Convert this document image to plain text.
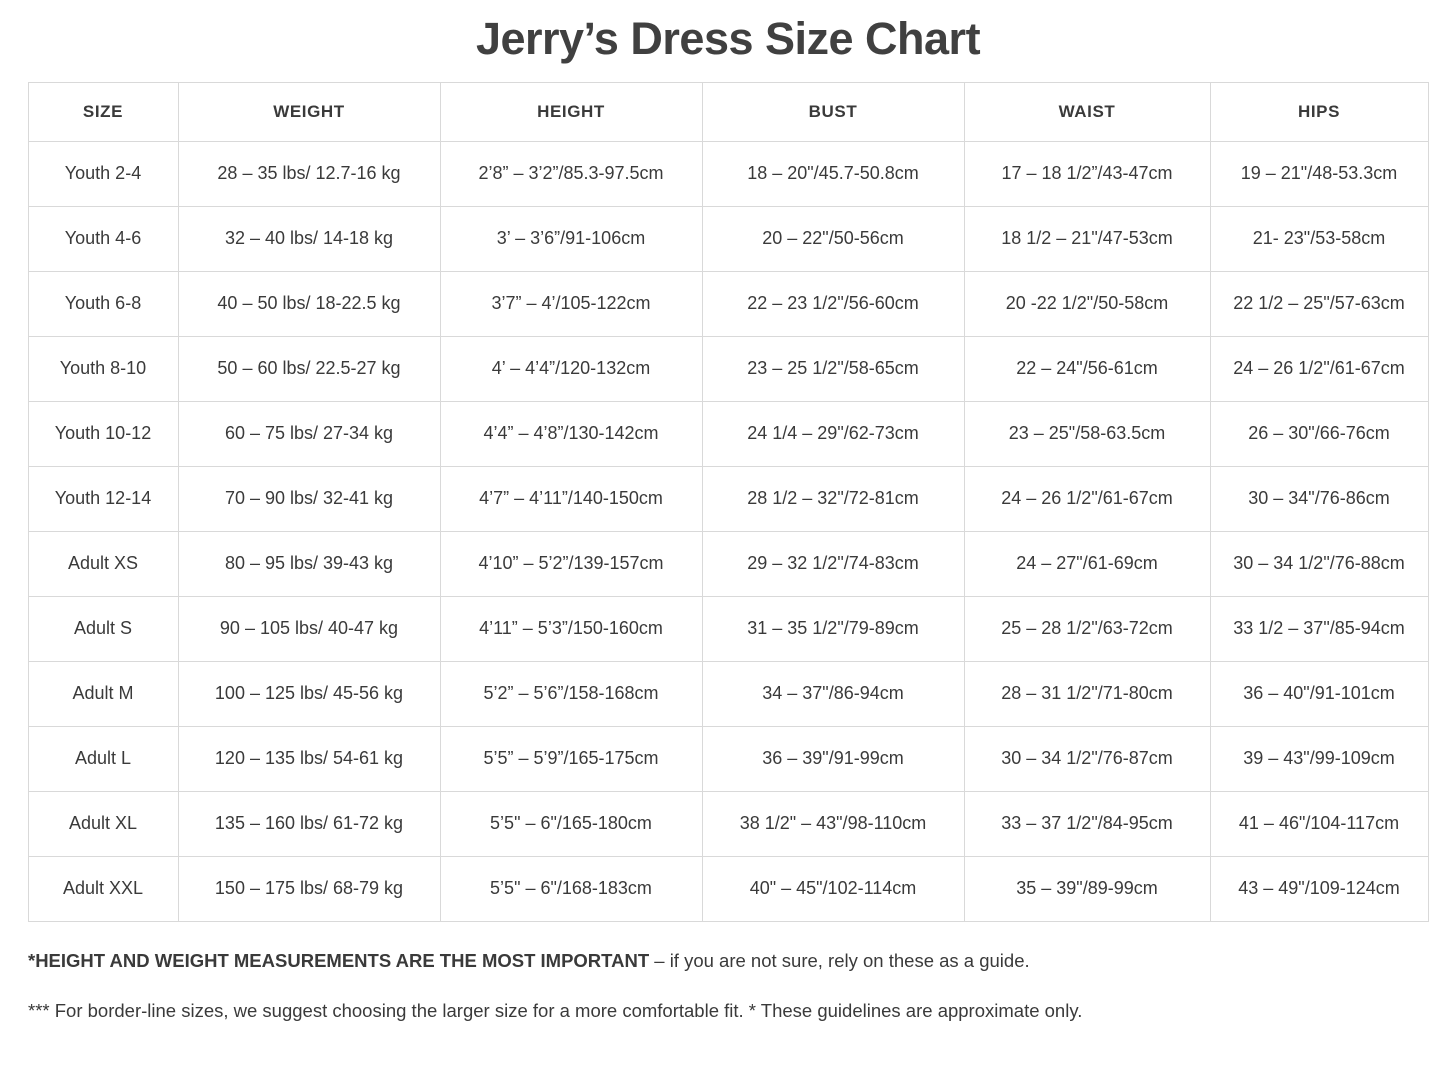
Jerry’s Dress Size Chart
SIZE	WEIGHT	HEIGHT	BUST	WAIST	HIPS
Youth 2-4	28 – 35 lbs/ 12.7-16 kg	2’8” – 3’2”/85.3-97.5cm	18 – 20"/45.7-50.8cm	17 – 18 1/2”/43-47cm	19 – 21"/48-53.3cm
Youth 4-6	32 – 40 lbs/ 14-18 kg	3’ – 3’6”/91-106cm	20 – 22"/50-56cm	18 1/2 – 21"/47-53cm	21- 23"/53-58cm
Youth 6-8	40 – 50 lbs/ 18-22.5 kg	3’7” – 4’/105-122cm	22 – 23 1/2"/56-60cm	20 -22 1/2"/50-58cm	22 1/2 – 25"/57-63cm
Youth 8-10	50 – 60 lbs/ 22.5-27 kg	4’ – 4’4”/120-132cm	23 – 25 1/2"/58-65cm	22 – 24"/56-61cm	24 – 26 1/2"/61-67cm
Youth 10-12	60 – 75 lbs/ 27-34 kg	4’4” – 4’8”/130-142cm	24 1/4 – 29"/62-73cm	23 – 25"/58-63.5cm	26 – 30"/66-76cm
Youth 12-14	70 – 90 lbs/ 32-41 kg	4’7” – 4’11”/140-150cm	28 1/2 – 32"/72-81cm	24 – 26 1/2"/61-67cm	30 – 34"/76-86cm
Adult XS	80 – 95 lbs/ 39-43 kg	4’10” – 5’2”/139-157cm	29 – 32 1/2"/74-83cm	24 – 27"/61-69cm	30 – 34 1/2"/76-88cm
Adult S	90 – 105 lbs/ 40-47 kg	4’11” – 5’3”/150-160cm	31 – 35 1/2"/79-89cm	25 – 28 1/2"/63-72cm	33 1/2 – 37"/85-94cm
Adult M	100 – 125 lbs/ 45-56 kg	5’2” – 5’6”/158-168cm	34 – 37"/86-94cm	28 – 31 1/2"/71-80cm	36 – 40"/91-101cm
Adult L	120 – 135 lbs/ 54-61 kg	5’5” – 5’9”/165-175cm	36 – 39"/91-99cm	30 – 34 1/2"/76-87cm	39 – 43"/99-109cm
Adult XL	135 – 160 lbs/ 61-72 kg	5’5" – 6"/165-180cm	38 1/2" – 43"/98-110cm	33 – 37 1/2"/84-95cm	41 – 46"/104-117cm
Adult XXL	150 – 175 lbs/ 68-79 kg	5’5" – 6"/168-183cm	40" – 45"/102-114cm	35 – 39"/89-99cm	43 – 49"/109-124cm
*HEIGHT AND WEIGHT MEASUREMENTS ARE THE MOST IMPORTANT – if you are not sure, rely on these as a guide.
*** For border-line sizes, we suggest choosing the larger size for a more comfortable fit. * These guidelines are approximate only.
